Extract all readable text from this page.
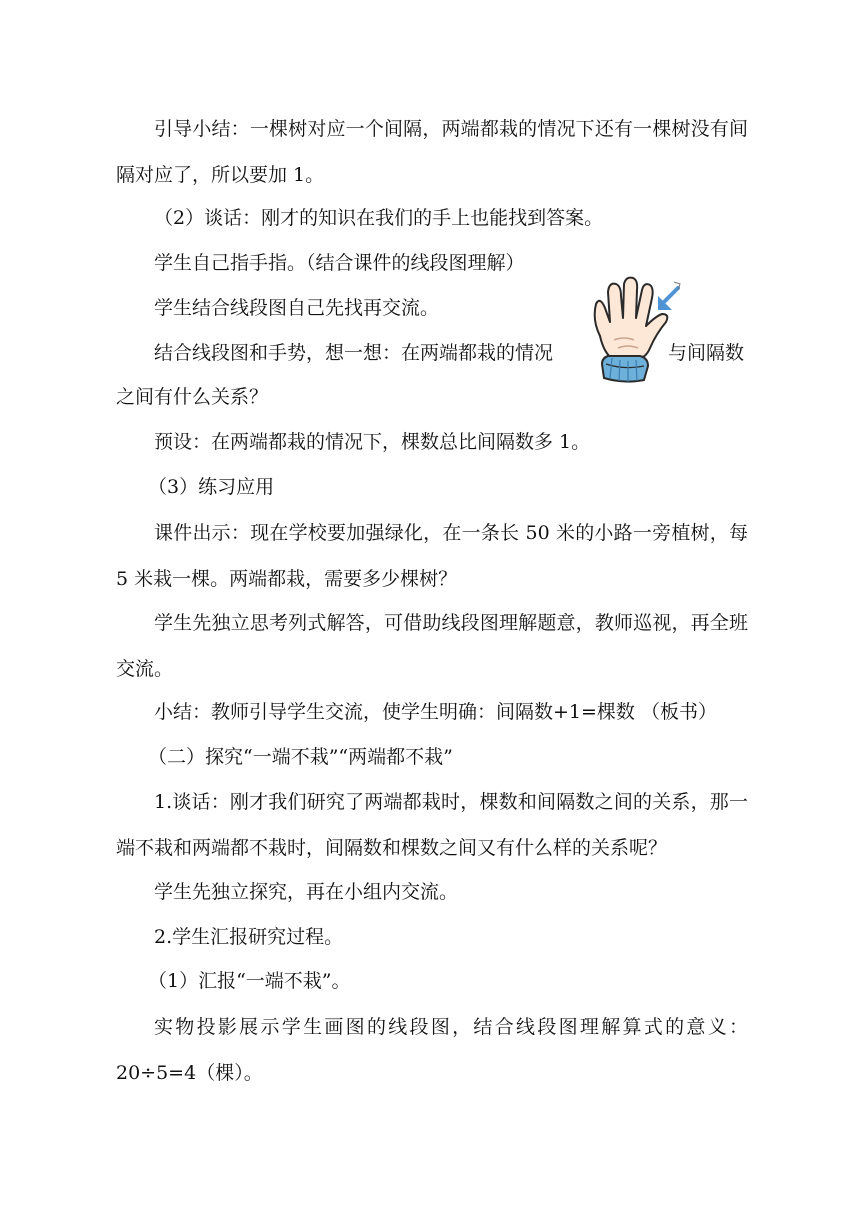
引导小结：一棵树对应一个间隔，两端都栽的情况下还有一棵树没有间隔对应了，所以要加 1。

（2）谈话：刚才的知识在我们的手上也能找到答案。

学生自己指手指。（结合课件的线段图理解）

学生结合线段图自己先找再交流。

结合线段图和手势，想一想：在两端都栽的情况	与间隔数

之间有什么关系？

预设：在两端都栽的情况下，棵数总比间隔数多 1。

（3）练习应用

课件出示：现在学校要加强绿化，在一条长 50 米的小路一旁植树，每 5 米栽一棵。两端都栽，需要多少棵树？

学生先独立思考列式解答，可借助线段图理解题意，教师巡视，再全班交流。

小结：教师引导学生交流，使学生明确：间隔数+1=棵数 （板书）

（二）探究“一端不栽”“两端都不栽”

1.谈话：刚才我们研究了两端都栽时，棵数和间隔数之间的关系，那一端不栽和两端都不栽时，间隔数和棵数之间又有什么样的关系呢？

学生先独立探究，再在小组内交流。

2.学生汇报研究过程。

（1）汇报“一端不栽”。

实物投影展示学生画图的线段图，结合线段图理解算式的意义：20÷5=4（棵）。
